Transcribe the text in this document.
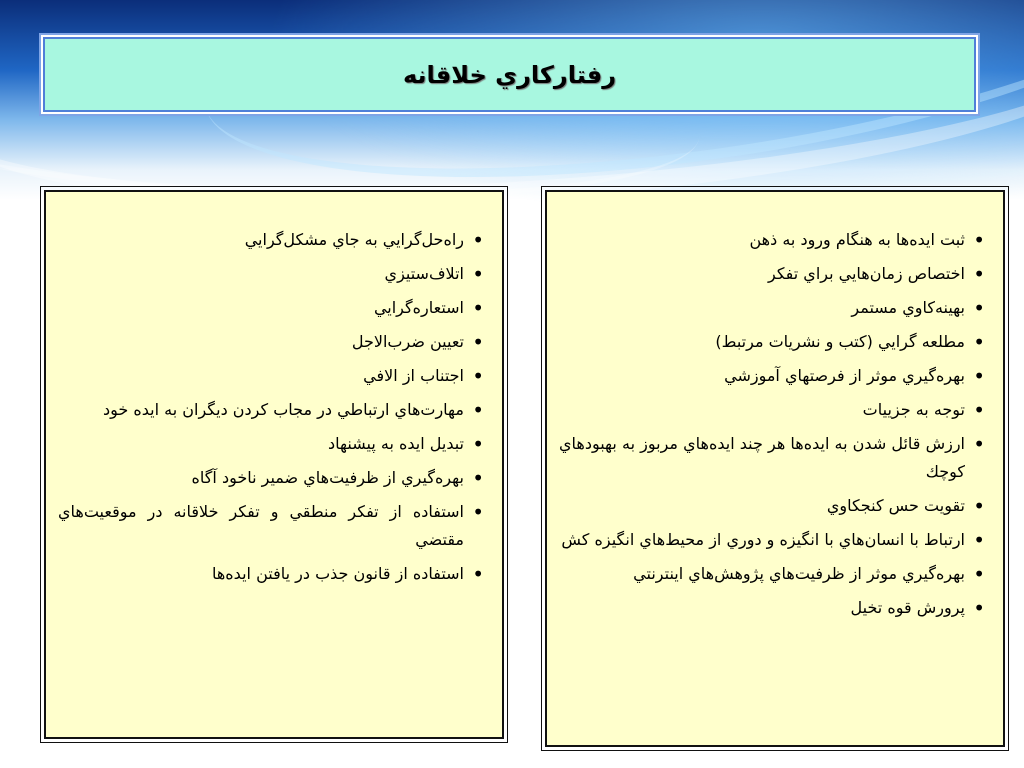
رفتارکاري خلاقانه
• راه‌حل‌گرايي به جاي مشکل‌گرايي
• اتلاف‌ستيزي
• استعاره‌گرايي
• تعيين ضرب‌الاجل
• اجتناب از الافي
• مهارت‌هاي ارتباطي در مجاب کردن ديگران به ايده خود
• تبديل ايده به پيشنهاد
• بهره‌گيري از ظرفيت‌هاي ضمير ناخود آگاه
• استفاده از تفکر منطقي و تفکر خلاقانه در موقعيت‌هاي مقتضي
• استفاده از قانون جذب در يافتن ايده‌ها
• ثبت ايده‌ها به هنگام ورود به ذهن
• اختصاص زمان‌هايي براي تفکر
• بهينه‌کاوي مستمر
• مطلعه گرايي (کتب و نشريات مرتبط)
• بهره‌گيري موثر از فرصتهاي آموزشي
• توجه به جزييات
• ارزش قائل شدن به ايده‌ها هر چند ايده‌هاي مربوز به بهبودهاي کوچك
• تقويت حس کنجکاوي
• ارتباط با انسان‌هاي با انگيزه و دوري از محيط‌هاي انگيزه کش
• بهره‌گيري موثر از ظرفيت‌هاي پژوهش‌هاي اينترنتي
• پرورش قوه تخيل
